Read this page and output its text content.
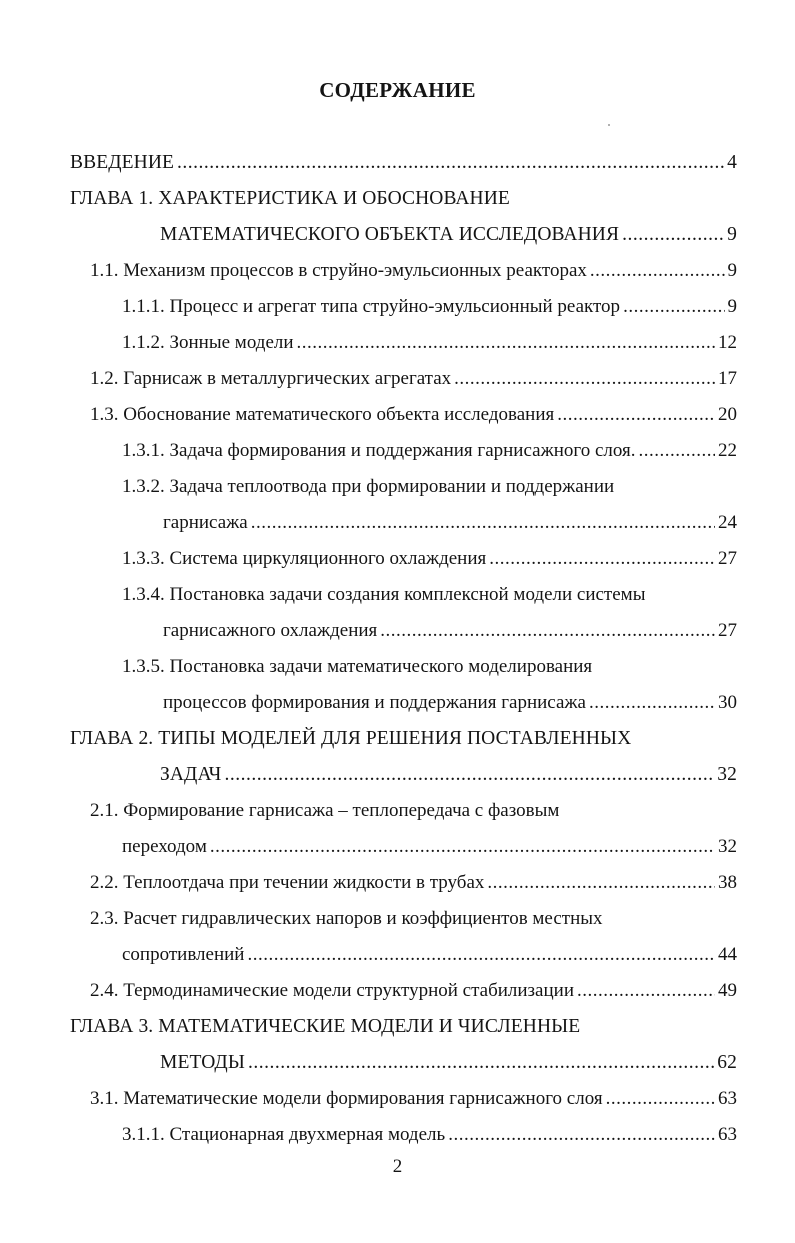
СОДЕРЖАНИЕ
ВВЕДЕНИЕ .....	4
ГЛАВА 1. ХАРАКТЕРИСТИКА И ОБОСНОВАНИЕ
МАТЕМАТИЧЕСКОГО ОБЪЕКТА ИССЛЕДОВАНИЯ .....	9
1.1. Механизм процессов в струйно-эмульсионных реакторах .....	9
1.1.1. Процесс и агрегат типа струйно-эмульсионный реактор .....	9
1.1.2. Зонные модели .....	12
1.2. Гарнисаж в металлургических агрегатах .....	17
1.3. Обоснование математического объекта исследования .....	20
1.3.1. Задача формирования и поддержания гарнисажного слоя. .....	22
1.3.2. Задача теплоотвода при формировании и поддержании
гарнисажа .....	24
1.3.3. Система циркуляционного охлаждения .....	27
1.3.4. Постановка задачи создания комплексной модели системы
гарнисажного охлаждения .....	27
1.3.5. Постановка задачи математического моделирования
процессов формирования и поддержания гарнисажа .....	30
ГЛАВА 2. ТИПЫ МОДЕЛЕЙ ДЛЯ РЕШЕНИЯ ПОСТАВЛЕННЫХ
ЗАДАЧ .....	32
2.1. Формирование гарнисажа – теплопередача с фазовым
переходом .....	32
2.2. Теплоотдача при течении жидкости в трубах .....	38
2.3. Расчет гидравлических напоров и коэффициентов местных
сопротивлений .....	44
2.4. Термодинамические модели структурной стабилизации .....	49
ГЛАВА 3. МАТЕМАТИЧЕСКИЕ МОДЕЛИ И ЧИСЛЕННЫЕ
МЕТОДЫ .....	62
3.1. Математические модели формирования гарнисажного слоя .....	63
3.1.1. Стационарная двухмерная модель .....	63
2
